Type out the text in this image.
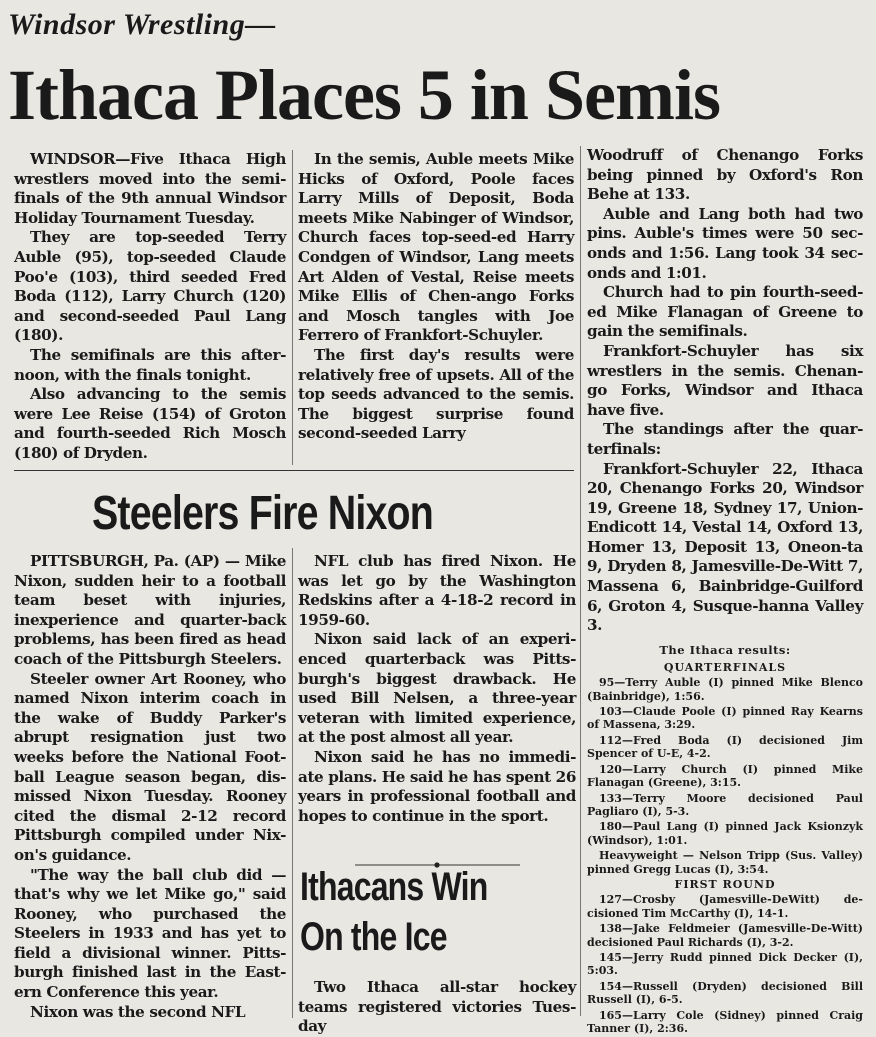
Windsor Wrestling—
Ithaca Places 5 in Semis

WINDSOR—Five Ithaca High wrestlers moved into the semi-finals of the 9th annual Windsor Holiday Tournament Tuesday.

They are top-seeded Terry Auble (95), top-seeded Claude Poo'e (103), third seeded Fred Boda (112), Larry Church (120) and second-seeded Paul Lang (180).

The semifinals are this after-noon, with the finals tonight.

Also advancing to the semis were Lee Reise (154) of Groton and fourth-seeded Rich Mosch (180) of Dryden.

In the semis, Auble meets Mike Hicks of Oxford, Poole faces Larry Mills of Deposit, Boda meets Mike Nabinger of Windsor, Church faces top-seed-ed Harry Condgen of Windsor, Lang meets Art Alden of Vestal, Reise meets Mike Ellis of Chen-ango Forks and Mosch tangles with Joe Ferrero of Frankfort-Schuyler.

The first day's results were relatively free of upsets. All of the top seeds advanced to the semis. The biggest surprise found second-seeded Larry

Woodruff of Chenango Forks being pinned by Oxford's Ron Behe at 133.

Auble and Lang both had two pins. Auble's times were 50 sec-onds and 1:56. Lang took 34 sec-onds and 1:01.

Church had to pin fourth-seed-ed Mike Flanagan of Greene to gain the semifinals.

Frankfort-Schuyler has six wrestlers in the semis. Chenan-go Forks, Windsor and Ithaca have five.

The standings after the quar-terfinals:

Frankfort-Schuyler 22, Ithaca 20, Chenango Forks 20, Windsor 19, Greene 18, Sydney 17, Union-Endicott 14, Vestal 14, Oxford 13, Homer 13, Deposit 13, Oneon-ta 9, Dryden 8, Jamesville-De-Witt 7, Massena 6, Bainbridge-Guilford 6, Groton 4, Susque-hanna Valley 3.

The Ithaca results:

QUARTERFINALS

95—Terry Auble (I) pinned Mike Blenco (Bainbridge), 1:56.

103—Claude Poole (I) pinned Ray Kearns of Massena, 3:29.

112—Fred Boda (I) decisioned Jim Spencer of U-E, 4-2.

120—Larry Church (I) pinned Mike Flanagan (Greene), 3:15.

133—Terry Moore decisioned Paul Pagliaro (I), 5-3.

180—Paul Lang (I) pinned Jack Ksionzyk (Windsor), 1:01.

Heavyweight — Nelson Tripp (Sus. Valley) pinned Gregg Lucas (I), 3:54.

FIRST ROUND

127—Crosby (Jamesville-DeWitt) de-cisioned Tim McCarthy (I), 14-1.

138—Jake Feldmeier (Jamesville-De-Witt) decisioned Paul Richards (I), 3-2.

145—Jerry Rudd pinned Dick Decker (I), 5:03.

154—Russell (Dryden) decisioned Bill Russell (I), 6-5.

165—Larry Cole (Sidney) pinned Craig Tanner (I), 2:36.

Steelers Fire Nixon

PITTSBURGH, Pa. (AP) — Mike Nixon, sudden heir to a football team beset with injuries, inexperience and quarter-back problems, has been fired as head coach of the Pittsburgh Steelers.

Steeler owner Art Rooney, who named Nixon interim coach in the wake of Buddy Parker's abrupt resignation just two weeks before the National Foot-ball League season began, dis-missed Nixon Tuesday. Rooney cited the dismal 2-12 record Pittsburgh compiled under Nix-on's guidance.

"The way the ball club did — that's why we let Mike go," said Rooney, who purchased the Steelers in 1933 and has yet to field a divisional winner. Pitts-burgh finished last in the East-ern Conference this year.

Nixon was the second NFL

NFL club has fired Nixon. He was let go by the Washington Redskins after a 4-18-2 record in 1959-60.

Nixon said lack of an experi-enced quarterback was Pitts-burgh's biggest drawback. He used Bill Nelsen, a three-year veteran with limited experience, at the post almost all year.

Nixon said he has no immedi-ate plans. He said he has spent 26 years in professional football and hopes to continue in the sport.

Ithacans Win
On the Ice

Two Ithaca all-star hockey teams registered victories Tues-day
